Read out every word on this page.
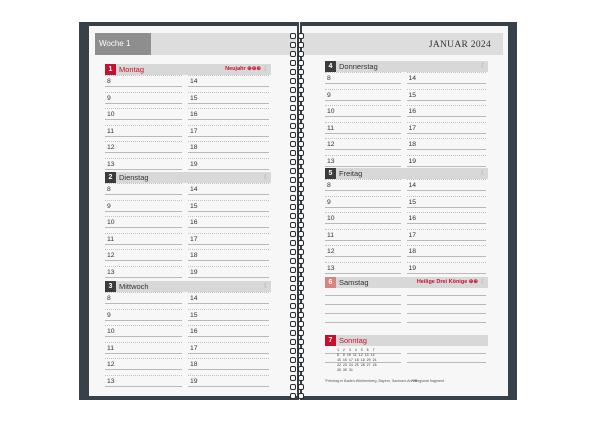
Woche 1	JANUAR 2024
1 Montag	Neujahr ⊕⊕⊕ ☾
8	14
9	15
10	16
11	17
12	18
13	19
2 Dienstag	☾
8	14
9	15
10	16
11	17
12	18
13	19
3 Mittwoch	☾
8	14
9	15
10	16
11	17
12	18
13	19
4 Donnerstag	☾
8	14
9	15
10	16
11	17
12	18
13	19
5 Freitag	☾
8	14
9	15
10	16
11	17
12	18
13	19
6 Samstag	Heilige Drei Könige ⊕⊕ ☾
7 Sonntag
1  2  3  4  5  6  7
8  9 10 11 12 13 14
15 16 17 18 19 20 21
22 23 24 25 26 27 28
29 30 31
¹Feiertag in Baden-Württemberg, Bayern, Sachsen-Anhalt
²⁰Regional fragment
